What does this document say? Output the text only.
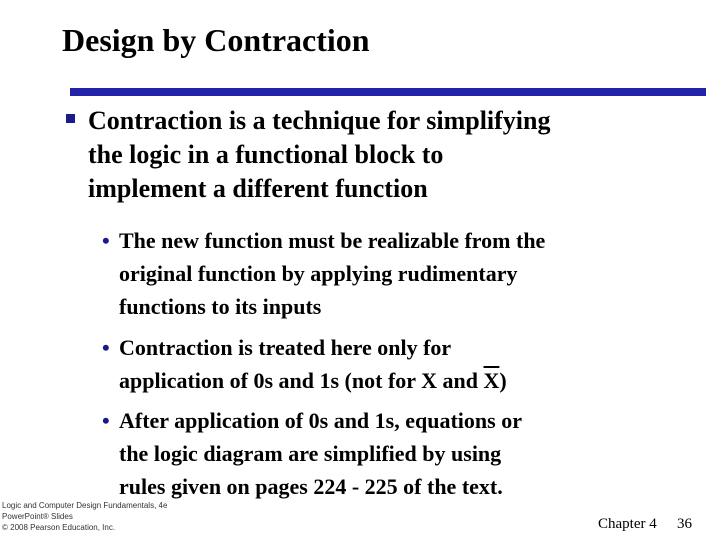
Design by Contraction
Contraction is a technique for simplifying
the logic in a functional block to
implement a different function
• The new function must be realizable from the
original function by applying rudimentary
functions to its inputs
• Contraction is treated here only for
application of 0s and 1s (not for X and $\overline{X}$)
• After application of 0s and 1s, equations or
the logic diagram are simplified by using
rules given on pages 224 - 225 of the text.
Logic and Computer Design Fundamentals, 4e
PowerPoint® Slides
© 2008 Pearson Education, Inc.	Chapter 4 36
